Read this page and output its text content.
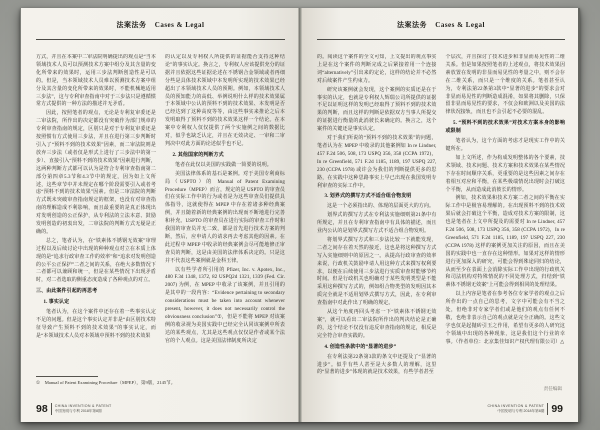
法案法务 Cases & Legal

方式，并且在本案中二审法院明确提出的观点是“当本领域技术人员可以预测技术方案中组分及其含量的变化所带来的效果时，运用三步法判断创造性是可以的。但是，当本领域技术人员难以预测技术方案中组分及其含量的变化所带来的效果时，不能机械地适用三步法”，这与专利审查指南中对于三步法只是遵循惯常方式提供的一种方法的描述并无矛盾。

因此，按照笔者的观点，无论是专利复审委还是二审法院，所作出的决定都没有突破作为部门规章的专利审查指南的规定，区别只是对于专利复审委还是按照惯有方式使用三步法，并且在进行第三步判断时引入了“预料不到的技术效果”因素，而二审法院则是放弃三步法（或者仅是形式上进行了三步法中的第一步）、直接引入“预料不到的技术效果”因素进行判断，这两种判断方式都可以认为是符合专利审查指南第二部分第四章5.3节和4.3节中的规定，因为如上文所述，这些章节中并未规定在哪个阶段需要引入或者考虑“预料不到的技术效果”因素。但是二审法院的判断方式既未突破审查指南规定的框架，也没有对审查指南的理解造成不利影响，而且最重要的是真正体现出对发明创造的公正保护，从专利法的立法本意、鼓励发明创造的初衷出发，二审法院的判断方式无疑是正确的。

总之，笔者认为，在“铁素体不锈钢无效案”审理过程以及后续讨论中出现的种种观点对立在本质上体现的是“追求行政审查工作的效率”和“追求对发明创造的公平公正保护”二者之间的关系，在绝大多数情况下二者都可以兼顾和统一，但是在某些情况下出现矛盾时，对二者选取的侧重态度造成了各种观点的对立。

三、由此案件引起的再思考

1. 事实认定

笔者认为，在这个案件中还存在着一些事实认定不足的问题。但是这个事实认定并非是“由区别技术特征导致产生预料不到的技术效果”的事实认定，而是“本领域技术人员对本领域中预料不到的技术效果

的认定以及专利权人所提供的证据能否支持这种结论”的事实认定。换言之，专利权人应该提供充分的证据并且依据这些证据论述在不锈钢合金领域或者再细分些是具体技术领域中本发明所实现的技术效果已经超出了本领域技术人员的预期。例如，本领域技术人员的预知能力的高低、举例说明什么样的技术效果属于本领域中公认的预料不到的技术效果、本发明是否已经达到了这种高度等等，由这些事实来推论之后本发明取得了预料不到的技术效果这样一个结论。在本案中专利权人仅仅提供了两个实施例之间的数据比对，似乎也缺乏认定，并且在无效决定、一审和二审判决中对此方面的论述似乎也不足。

2. 其他国家的判断方式

笔者在此仅以美国的实践做一简要的说明。

美国法律体系的基石是案例。对于美国专利商标局（USPTO）的 Manual of Patent Examining Procedure（MPEP）而言，规定的是 USPTO 的审查员们在实际工作中的行为或者是为这些审查员们提供具体指导，这就使得在 MPEP 中存在着诸多种经典案例，并且随着新的经典案例的出现而不断地进行完善和补充。USPTO 的审查员在进行实际的审查工作时和我国的审查员并无二致，都是首先进行技术方案的判断，然后，应申请人的请求再去考虑其他的因素。在此过程中 MPEP 中收录的经典案例会尽可能地修正审查员的判断，这是由美国的法律体系决定的。只是这并不代表这些案例就是金科玉律。

以有些学者所引用的 Pfizer, Inc. v. Apotex, Inc., 480 F.3d 1348, 1372, 82 USPQ2d 1321, 1339 (Fed. Cir. 2007) 为例，在 MPEP 中收录了该案例，并且引用的是其中的一段内容：“Evidence pertaining to secondary considerations must be taken into account whenever present, however, it does not necessarily control the obviousness conclusion”①，但是不能将 MPEP 对该案例的收录视为美国实践中已经完全认同该案例中所表达的某些观点，尤其是这些观点仅仅是作者或某个法官的个人观点。这是美国法律制度所决定

①　Manual of Patent Examining Procedure（MPEP），第9版，2145节。
98 CHINA INVENTION & PATENT
中国发明与专利 2018年第8期
法案法务 Cases & Legal

的。阅读这个案件的全文可知，上文提出的观点事实上是在这个案件的判断完成之后紧接着用一个连接词“alternatively”引出来的定论，这样的结论并不必然对后续案件产生约束力。

研究该案例就会发现，这个案例的实质还是在于事实的认定，也就是专利权人辉瑞公司所提供的证据不足以证明这样的发明已经取得了预料不到的技术效果的判断，而且这样的判断是依据双方当事人所提交的证据进行衡量的此消彼长来确定的。换言之，这个案件的关键还是事实认定。

对于我们所说的“预料不到的技术效果”的问题，笔者认为在 MPEP 中收录的其他案例如 In re Lindner, 457 F.2d 506, 508, 173 USPQ 356, 358 (CCPA 1972)，In re Greenfield, 571 F.2d 1185, 1189, 197 USPQ 227, 230 (CCPA 1978) 或许会为我们的判断提供更多的思路，在实践中这种思路事实上早已出现在我国发明专利审查的实际工作中。

3. 划界式的撰写方式不适合组合物发明

这是一个必须指出的、体现的层面更大的方向。

划界式的撰写方式在专利法实施细则第21条中有所规定，并且在专利审查指南中有具体的描述，而且业内公认的是划界式撰写方式不适合组合物发明。

将划界式撰写方式和三步法比较一下就能发现，二者之间存在着天然的接近，这也是将这种撰写方式写入实施细则中的原因之一。从提高行政审查的效率来说，行政机关鼓励申请人用这种方式来撰写权利要求，以便在后续使用三步法进行实质审查时能够节约时间。但是行政机关也明确对于某些发明类型是不能采用这种撰写方式的，例如组合物类型的发明因其本质完全就是不适用划界式撰写方式，因此，在专利审查指南中对此作出了明确的规定。

从这个角度再回头考虑一下“铁素体不锈钢无效案”，就可以看出二审法院所作出的判决结论是正确的，这个结论不仅没有违反审查指南的规定，相反是完全符合审查实践的。

4. 创造性条款中的“显著的进步”

在专利法第22条第3款的条文中还提及了“显著的进步”。似乎有些人甚至是大多数人的理解，这里的“显著的进步”体现的就是技术效果，有些学者甚至

个层次，并且探讨了技术进步和非显而易见性的二维关系。但是如果按照笔者的上述观点，将技术效果因素放置在发明的非显而易见性的考量之中，则不会存在二维关系，而只是一个维度的关系。笔者甚至认为，专利法第22条第3款中“显著的进步”的要求会对非显而易见性的判断造成混淆，如果将其删除，只保留非显而易见性的要求，不仅会和欧洲以及美国的法律状况接轨，而且也不会引起不必要的混乱。

5. “预料不到的技术效果”对技术方案本身的影响或限制

笔者认为，这个方面的考虑才是现实工作中的关键所在。

如上文所述，作为构成发明整体的各个要素，技术领域、技术问题、技术方案和技术效果在某些情况下存在时间顺序关系，更重要的是这些因素之间存在着相互对应和平衡，在某些极端情况出现时会打破这个平衡，从而造成此消彼长的情形。

例如，技术效果和技术方案二者之间的平衡在实际工作中是极容易理解的。在出现预料不到的技术效果后就会打破这个平衡，造成对技术方案的限制，这也是笔者在上文中所提及的需要对 In re Lindner, 457 F.2d 506, 508, 173 USPQ 356, 358 (CCPA 1972)，In re Greenfield, 571 F.2d 1185, 1189, 197 USPQ 227, 230 (CCPA 1978) 这样的案例更加关注的原因，而且在美国的实践中也一直存在这种情形。如果对这样的情形进行更加深入的研究，可能会得到殊途同归的结论，从而至少在表面上会消除实际工作中出现的行政机关和司法机构对特殊情况的不同处理方式，归结到“铁素体不锈钢无效案”上可能会得到相同的处理结果。

以上内容是笔者在参考各位专家学者的观点之后所作出的一点自己的思考，文字中可能会有不当之处，但绝非对专家学者们或是他们的观点有任何不敬，也绝非表示自己的观点就是完全正确的。这些文字也仅是起抛砖引玉之作用，希望有更多的人研究这个领域中出现的各种现象，这是我们这个行业的幸事。（作者单位：北京集佳知识产权代理有限公司）△

责任编辑
CHINA INVENTION & PATENT
中国发明与专利 2018年第8期 99
